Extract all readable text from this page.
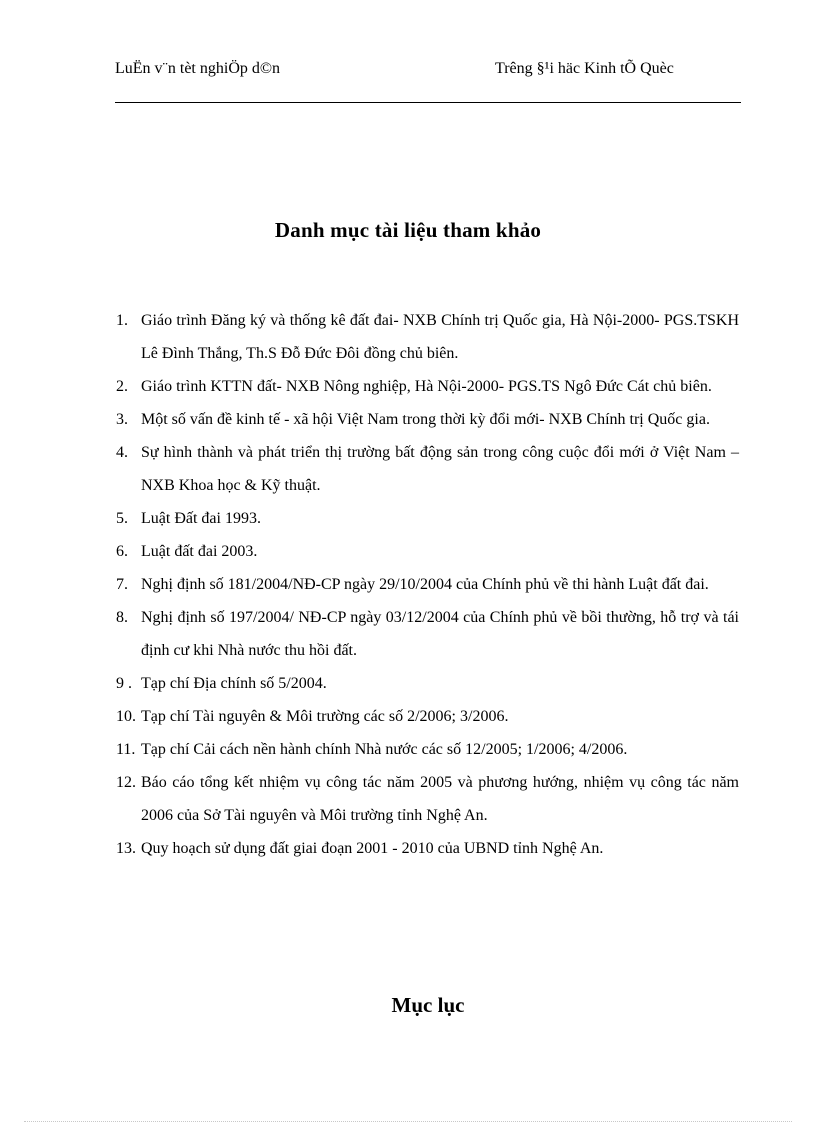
LuËn v¨n tèt nghiÖp d©n	Trêng §¹i häc Kinh tÕ Quèc
Danh mục tài liệu tham khảo
1. Giáo trình Đăng ký và thống kê đất đai- NXB Chính trị Quốc gia, Hà Nội-2000- PGS.TSKH Lê Đình Thắng, Th.S Đỗ Đức Đôi đồng chủ biên.
2. Giáo trình KTTN đất- NXB Nông nghiệp, Hà Nội-2000- PGS.TS Ngô Đức Cát chủ biên.
3. Một số vấn đề kinh tế - xã hội Việt Nam trong thời kỳ đổi mới- NXB Chính trị Quốc gia.
4. Sự hình thành và phát triển thị trường bất động sản trong công cuộc đổi mới ở Việt Nam – NXB Khoa học & Kỹ thuật.
5. Luật Đất đai 1993.
6. Luật đất đai 2003.
7. Nghị định số 181/2004/NĐ-CP ngày 29/10/2004 của Chính phủ về thi hành Luật đất đai.
8. Nghị định số 197/2004/ NĐ-CP ngày 03/12/2004 của Chính phủ về bồi thường, hỗ trợ và tái định cư khi Nhà nước thu hồi đất.
9 . Tạp chí Địa chính số 5/2004.
10. Tạp chí Tài nguyên & Môi trường các số 2/2006; 3/2006.
11. Tạp chí Cải cách nền hành chính Nhà nước các số 12/2005; 1/2006; 4/2006.
12. Báo cáo tổng kết nhiệm vụ công tác năm 2005 và phương hướng, nhiệm vụ công tác năm 2006 của Sở Tài nguyên và Môi trường tỉnh Nghệ An.
13. Quy hoạch sử dụng đất giai đoạn 2001 - 2010 của UBND tỉnh Nghệ An.
Mục lục
